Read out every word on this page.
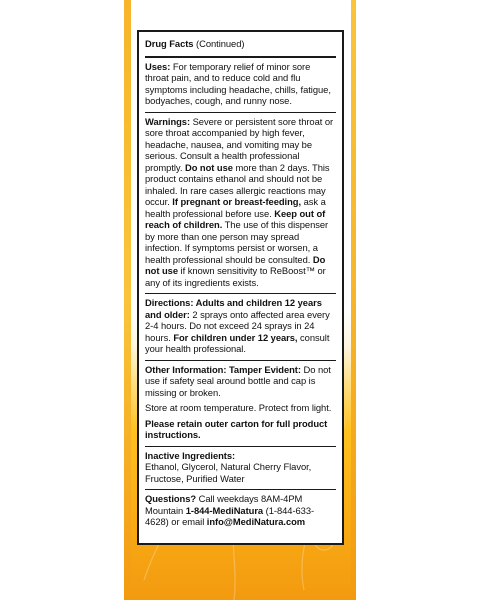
Drug Facts (Continued)

Uses: For temporary relief of minor sore throat pain, and to reduce cold and flu symptoms including headache, chills, fatigue, bodyaches, cough, and runny nose.

Warnings: Severe or persistent sore throat or sore throat accompanied by high fever, headache, nausea, and vomiting may be serious. Consult a health professional promptly. Do not use more than 2 days. This product contains ethanol and should not be inhaled. In rare cases allergic reactions may occur. If pregnant or breast-feeding, ask a health professional before use. Keep out of reach of children. The use of this dispenser by more than one person may spread infection. If symptoms persist or worsen, a health professional should be consulted. Do not use if known sensitivity to ReBoost™ or any of its ingredients exists.

Directions: Adults and children 12 years and older: 2 sprays onto affected area every 2-4 hours. Do not exceed 24 sprays in 24 hours. For children under 12 years, consult your health professional.

Other Information: Tamper Evident: Do not use if safety seal around bottle and cap is missing or broken.

Store at room temperature. Protect from light.

Please retain outer carton for full product instructions.

Inactive Ingredients:
Ethanol, Glycerol, Natural Cherry Flavor, Fructose, Purified Water

Questions? Call weekdays 8AM-4PM Mountain 1-844-MediNatura (1-844-633-4628) or email info@MediNatura.com
